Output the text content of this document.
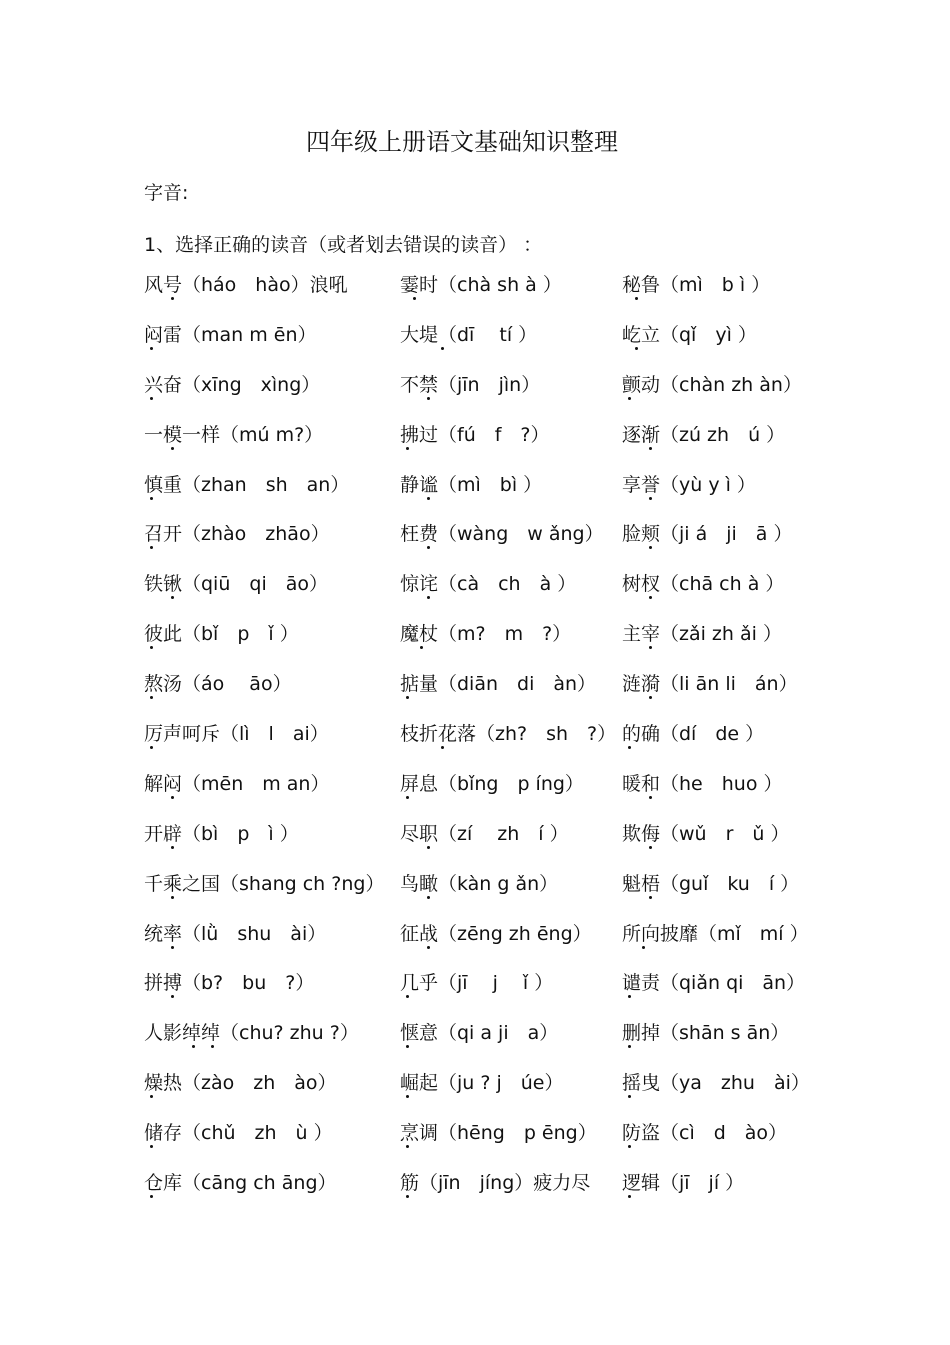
四年级上册语文基础知识整理
字音:
1、选择正确的读音（或者划去错误的读音） ：
风号（háo　hào）浪吼	霎时（chà sh à ）	秘鲁（mì　b ì ）
闷雷（man m ēn）	大堤（dī　 tí ）	屹立（qǐ　yì ）
兴奋（xīng　xìng）	不禁（jīn　jìn）	颤动（chàn zh àn）
一模一样（mú m?）	拂过（fú　f　?）	逐渐（zú zh　ú ）
慎重（zhan　sh　an）	静谧（mì　bì ）	享誉（yù y ì ）
召开（zhào　zhāo）	枉费（wàng　w ǎng） 脸颊（ji á　ji　ā ）
铁锹（qiū　qi　āo）	惊诧（cà　ch　à ） 树杈（chā ch à ）
彼此（bǐ　p　ǐ ）	魔杖（m?　m　?）	主宰（zǎi zh ǎi ）
熬汤（áo　 āo）	掂量（diān　di　àn） 涟漪（li ān li　án）
厉声呵斥（lì　l　ai）	枝折花落（zh?　sh　?） 的确（dí　de ）
解闷（mēn　m an）	屏息（bǐng　p íng） 暖和（he　huo ）
开辟（bì　p　ì ）	尽职（zí　 zh　í ）	欺侮（wǔ　r　ǔ ）
千乘之国（shang ch ?ng） 鸟瞰（kàn g ǎn）	魁梧（guǐ　ku　í ）
统率（lǜ　shu　ài）	征战（zēng zh ēng） 所向披靡（mǐ　mí ）
拼搏（b?　bu　?）	几乎（jī　 j　 ǐ ）	谴责（qiǎn qi　ān）
人影绰绰（chu? zhu ?） 惬意（qi a ji　a）	删掉（shān s ān）
燥热（zào　zh　ào）	崛起（ju ? j　úe）	摇曳（ya　zhu　ài）
储存（chǔ　zh　ù ）	烹调（hēng　p ēng） 防盗（cì　d　ào）
仓库（cāng ch āng）	筋（jīn　jíng）疲力尽 逻辑（jī　jí ）
